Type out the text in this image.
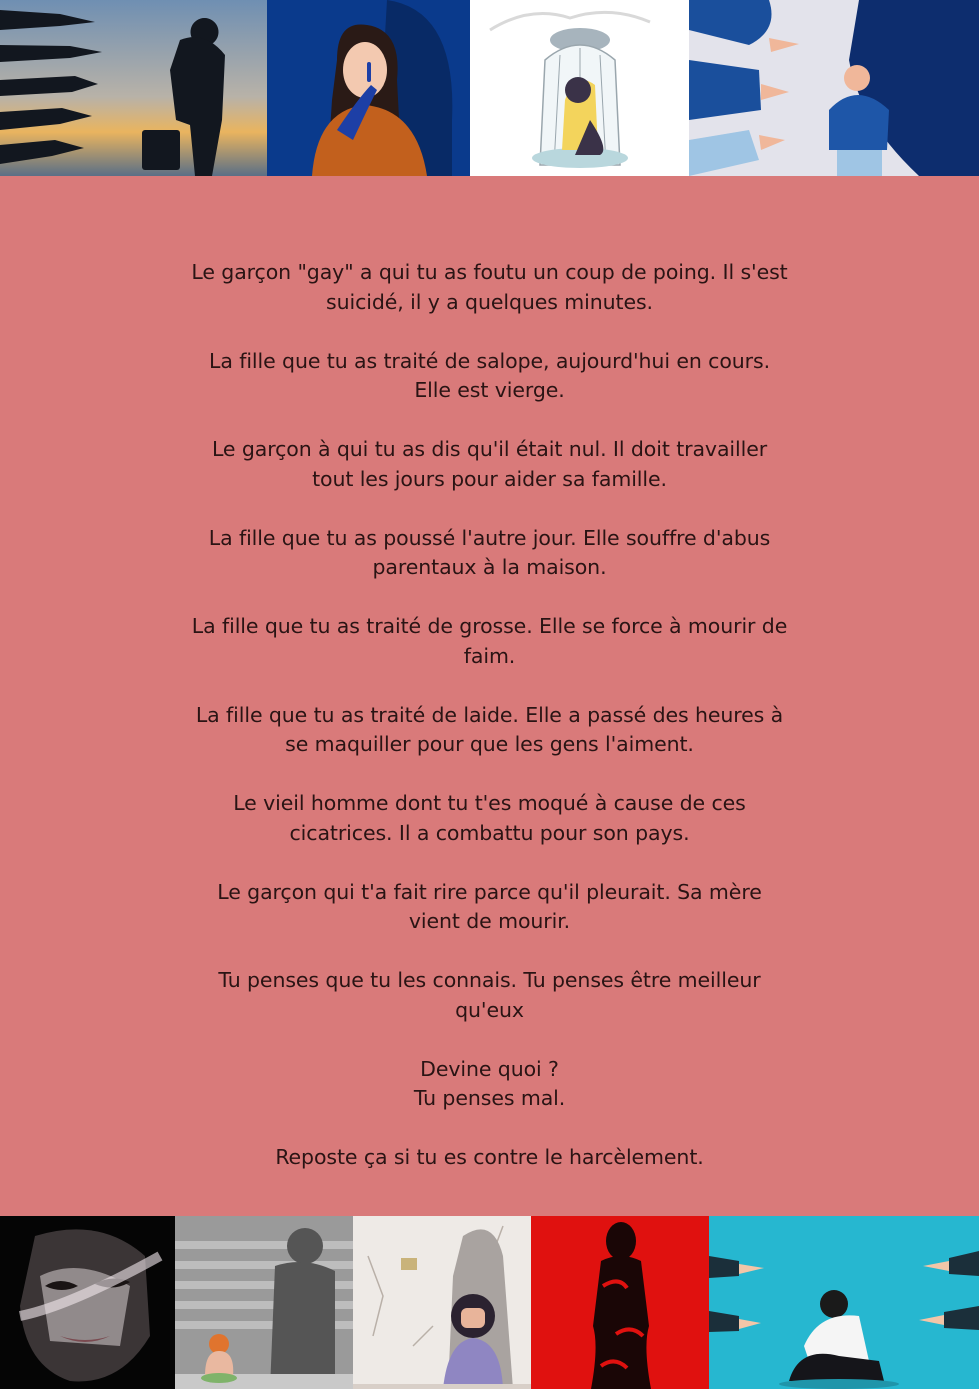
Le garçon "gay" a qui tu as foutu un coup de poing. Il s'est
suicidé, il y a quelques minutes.

La fille que tu as traité de salope, aujourd'hui en cours.
Elle est vierge.

Le garçon à qui tu as dis qu'il était nul. Il doit travailler
tout les jours pour aider sa famille.

La fille que tu as poussé l'autre jour. Elle souffre d'abus
parentaux à la maison.

La fille que tu as traité de grosse. Elle se force à mourir de
faim.

La fille que tu as traité de laide. Elle a passé des heures à
se maquiller pour que les gens l'aiment.

Le vieil homme dont tu t'es moqué à cause de ces
cicatrices. Il a combattu pour son pays.

Le garçon qui t'a fait rire parce qu'il pleurait. Sa mère
vient de mourir.

Tu penses que tu les connais. Tu penses être meilleur
qu'eux

Devine quoi ?
Tu penses mal.

Reposte ça si tu es contre le harcèlement.
